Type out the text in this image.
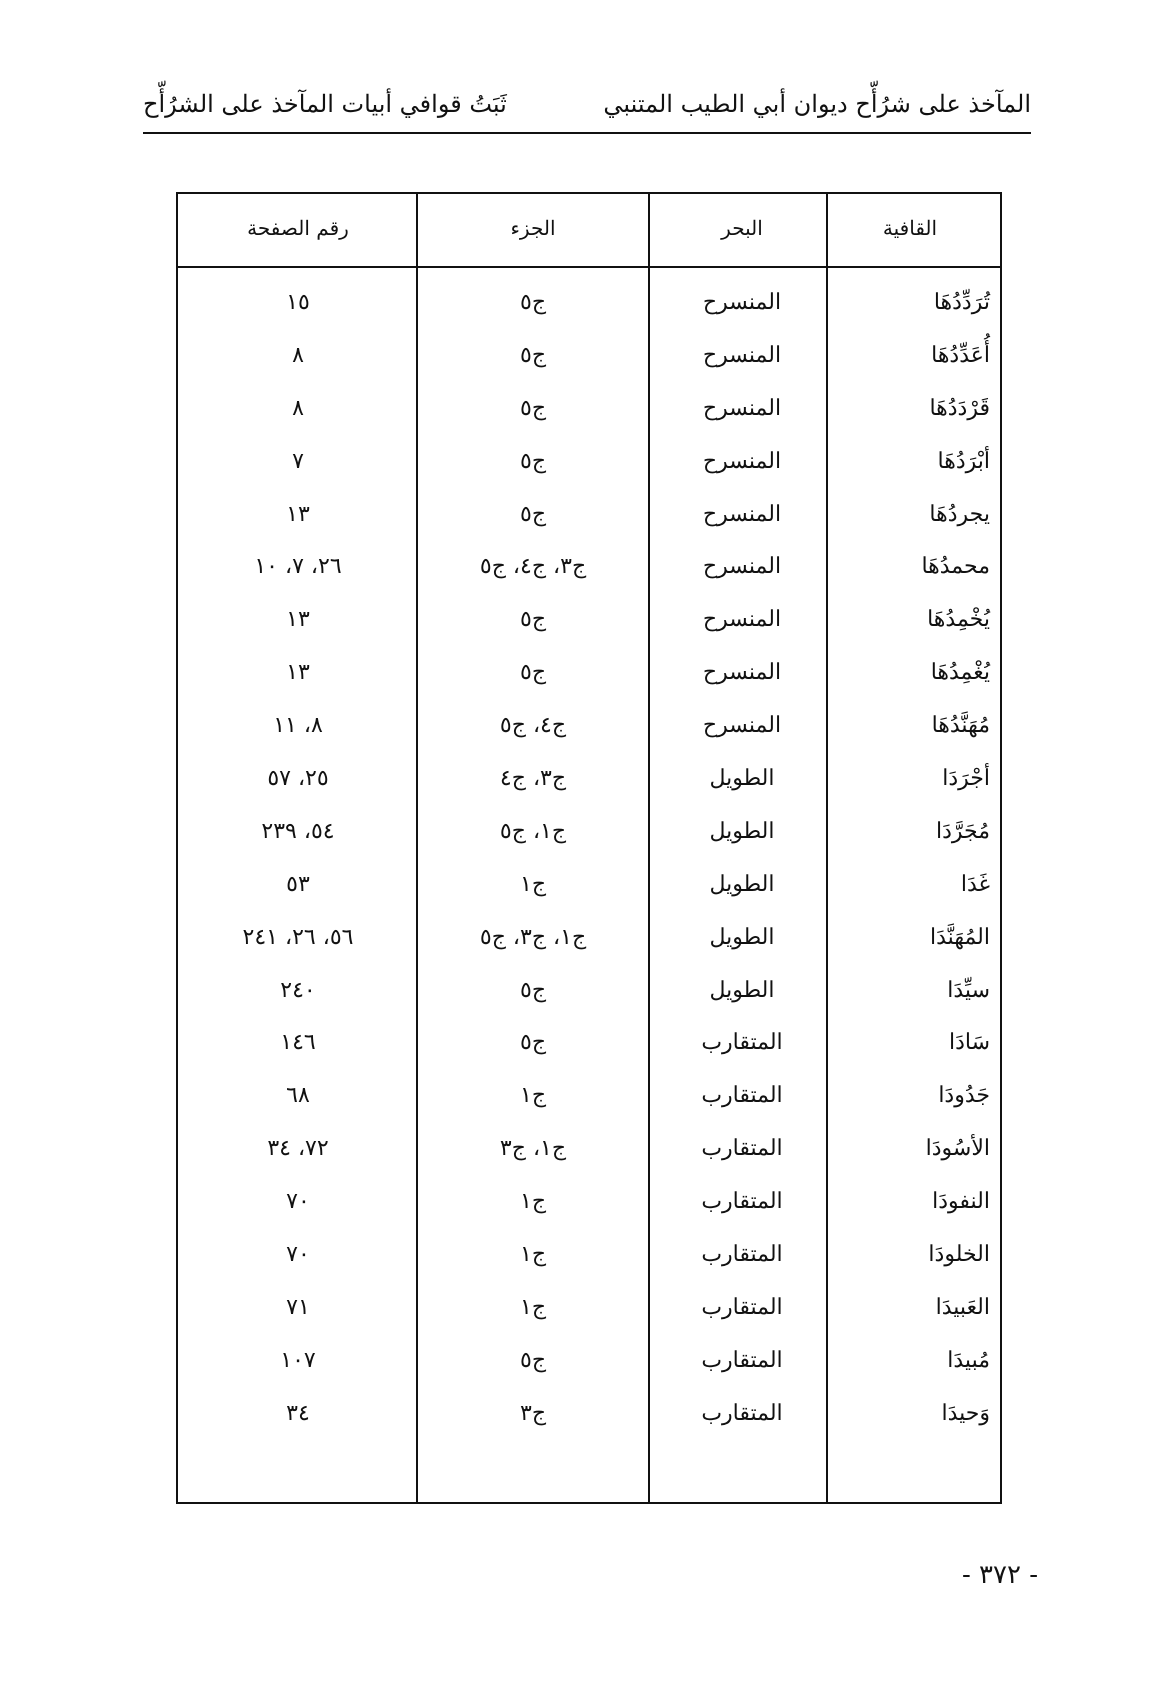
المآخذ على شرُأّح ديوان أبي الطيب المتنبي
ثَبَتُ قوافي أبيات المآخذ على الشرُأّح
القافية
البحر
الجزء
رقم الصفحة
تُرَدِّدُهَا
المنسرح
ج٥
١٥
أُعَدِّدُهَا
المنسرح
ج٥
٨
قَرْدَدُهَا
المنسرح
ج٥
٨
أبْرَدُهَا
المنسرح
ج٥
٧
يجردُهَا
المنسرح
ج٥
١٣
محمدُهَا
المنسرح
ج٣، ج٤، ج٥
٢٦، ٧، ١٠
يُخْمِدُهَا
المنسرح
ج٥
١٣
يُغْمِدُهَا
المنسرح
ج٥
١٣
مُهَنَّدُهَا
المنسرح
ج٤، ج٥
٨، ١١
أجْرَدَا
الطويل
ج٣، ج٤
٢٥، ٥٧
مُجَرَّدَا
الطويل
ج١، ج٥
٥٤، ٢٣٩
غَدَا
الطويل
ج١
٥٣
المُهَنَّدَا
الطويل
ج١، ج٣، ج٥
٥٦، ٢٦، ٢٤١
سيِّدَا
الطويل
ج٥
٢٤٠
سَادَا
المتقارب
ج٥
١٤٦
جَدُودَا
المتقارب
ج١
٦٨
الأسُودَا
المتقارب
ج١، ج٣
٧٢، ٣٤
النفودَا
المتقارب
ج١
٧٠
الخلودَا
المتقارب
ج١
٧٠
العَبيدَا
المتقارب
ج١
٧١
مُبيدَا
المتقارب
ج٥
١٠٧
وَحيدَا
المتقارب
ج٣
٣٤
- ٣٧٢ -
